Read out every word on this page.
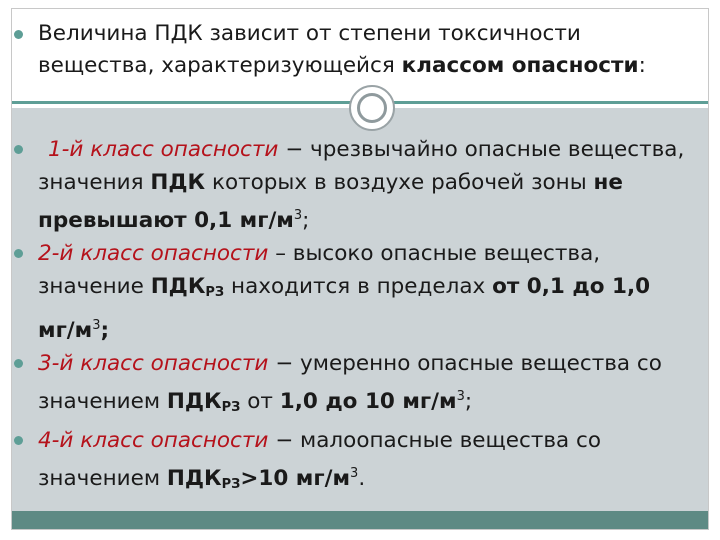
Величина ПДК зависит от степени токсичности вещества, характеризующейся классом опасности:
1-й класс опасности − чрезвычайно опасные вещества, значения ПДК которых в воздухе рабочей зоны не превышают 0,1 $мг/м^3$;
2-й класс опасности – высоко опасные вещества, значение $ПДК_{РЗ}$ находится в пределах от 0,1 до 1,0 $мг/м^3$;
3-й класс опасности − умеренно опасные вещества со значением $ПДК_{РЗ}$ от 1,0 до 10 $мг/м^3$;
4-й класс опасности − малоопасные вещества со значением $ПДК_{РЗ}>10$ $мг/м^3$.
